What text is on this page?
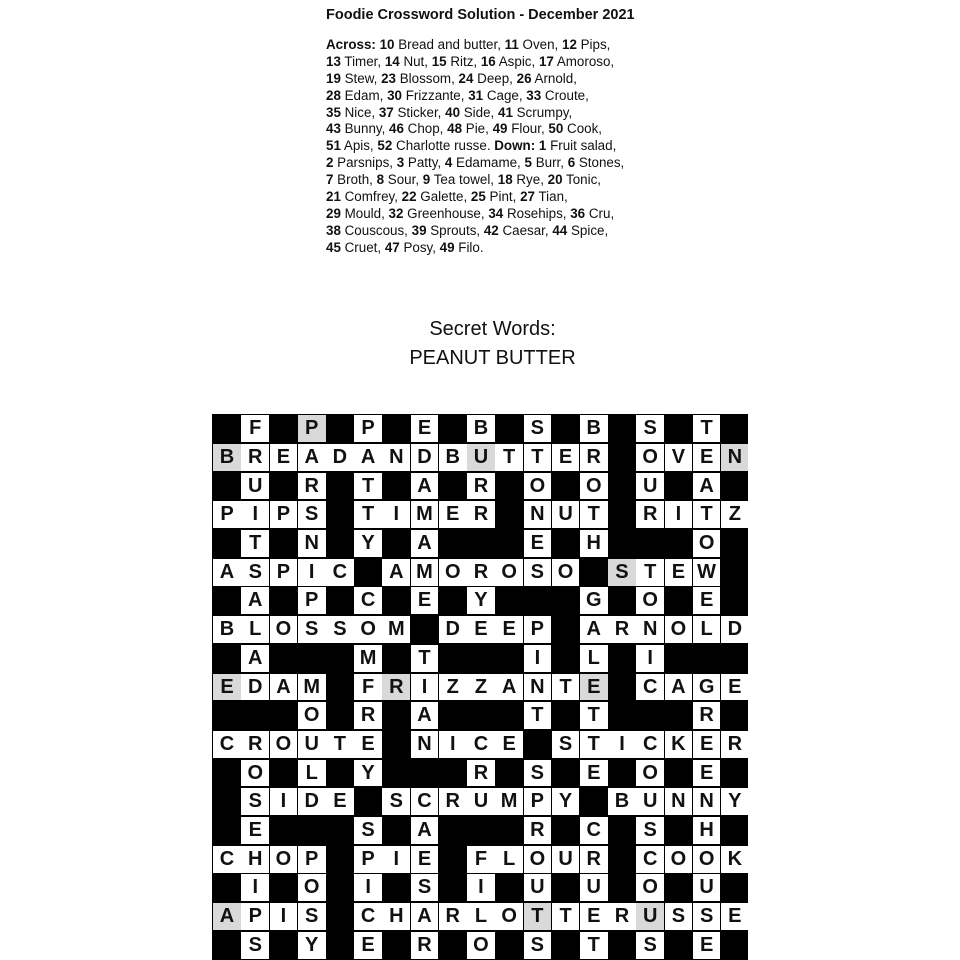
Foodie Crossword Solution - December 2021
Across: 10 Bread and butter, 11 Oven, 12 Pips,
13 Timer, 14 Nut, 15 Ritz, 16 Aspic, 17 Amoroso,
19 Stew, 23 Blossom, 24 Deep, 26 Arnold,
28 Edam, 30 Frizzante, 31 Cage, 33 Croute,
35 Nice, 37 Sticker, 40 Side, 41 Scrumpy,
43 Bunny, 46 Chop, 48 Pie, 49 Flour, 50 Cook,
51 Apis, 52 Charlotte russe. Down: 1 Fruit salad,
2 Parsnips, 3 Patty, 4 Edamame, 5 Burr, 6 Stones,
7 Broth, 8 Sour, 9 Tea towel, 18 Rye, 20 Tonic,
21 Comfrey, 22 Galette, 25 Pint, 27 Tian,
29 Mould, 32 Greenhouse, 34 Rosehips, 36 Cru,
38 Couscous, 39 Sprouts, 42 Caesar, 44 Spice,
45 Cruet, 47 Posy, 49 Filo.
Secret Words:
PEANUT BUTTER
F	P	P	E	B	S	B	S	T
B R E A D A N D B U T T E R	O V E N
U	R	T	A	R	O	O	U	A
P I P S	T I M E R	N U T	R I T Z
T	N	Y	A	E	H	O
A S P I C	A M O R O S O	S T E W
A	P	C	E	Y	G	O	E
B L O S S O M	D E E P	A R N O L D
A	M	T	I	L	I
E D A M	F R I Z Z A N T E	C A G E
O	R	A	T	T	R
C R O U T E	N I C E	S T I C K E R
O	L	Y	R	S	E	O	E
S I D E	S C R U M P Y	B U N N Y
E	S	A	R	C	S	H
C H O P	P I E	F L O U R	C O O K
I	O	I	S	I	U	U	O	U
A P I S	C H A R L O T T E R U S S E
S	Y	E	R	O	S	T	S	E
